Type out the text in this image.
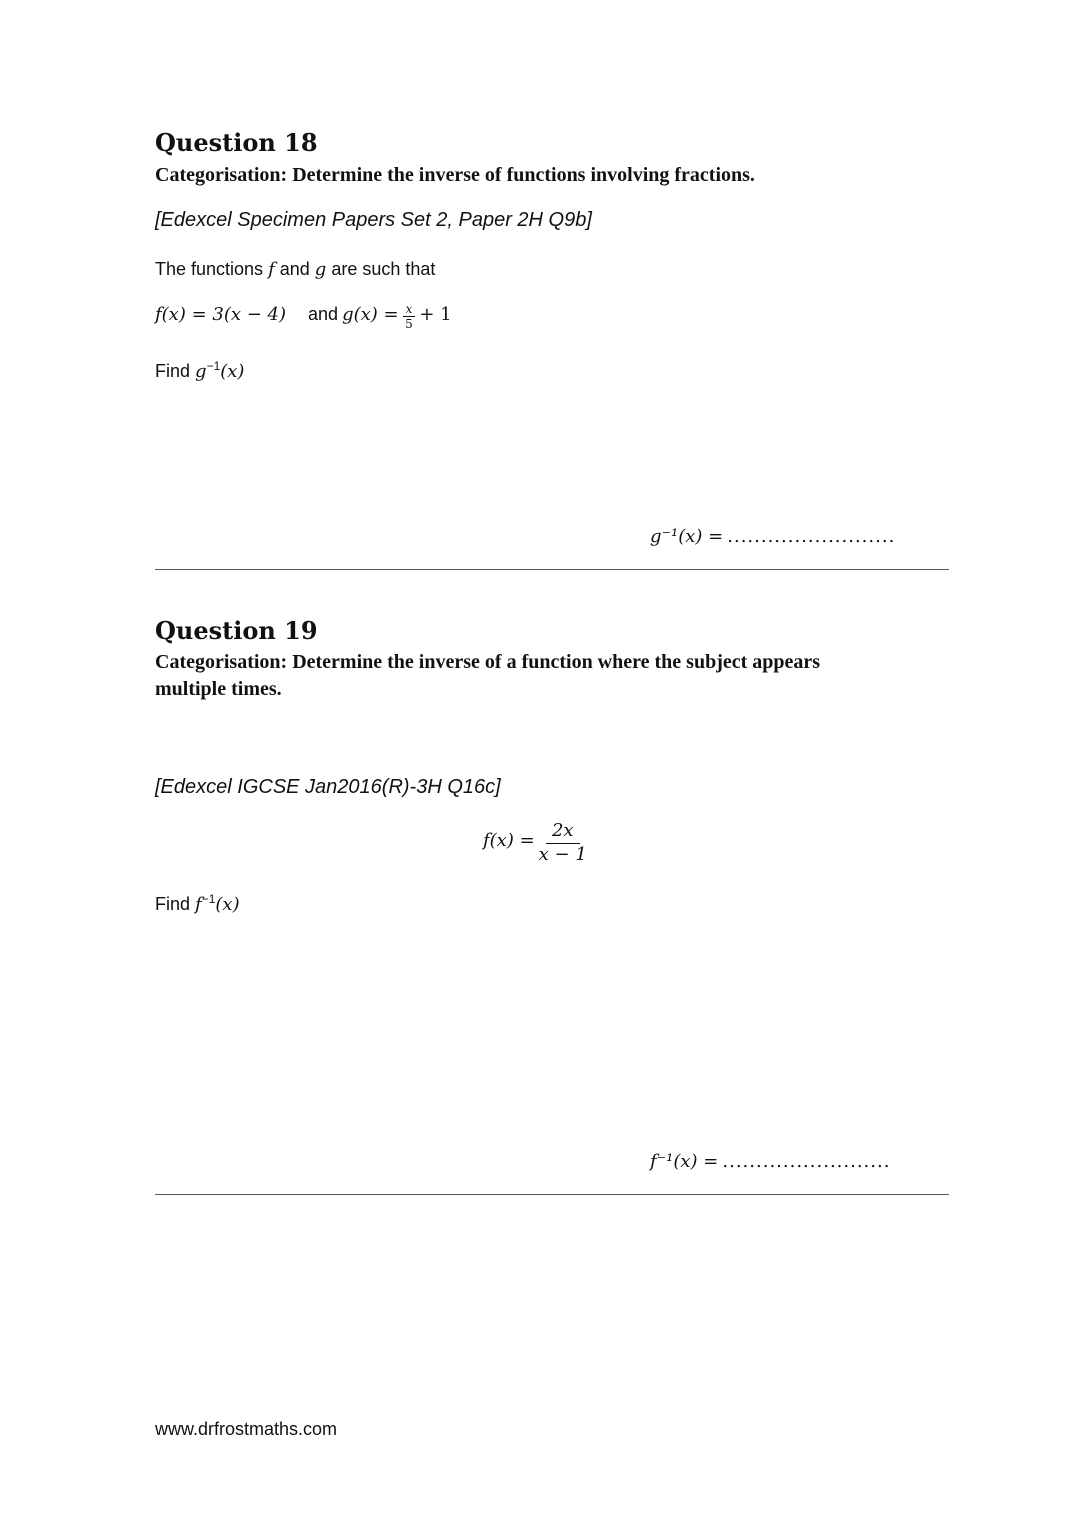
Question 18
Categorisation: Determine the inverse of functions involving fractions.
[Edexcel Specimen Papers Set 2, Paper 2H Q9b]
The functions f and g are such that
f(x) = 3(x − 4) and $g(x) = \frac{x}{5} + 1$
Find $g^{-1}(x)$
g⁻¹(x) = .........................
Question 19
Categorisation: Determine the inverse of a function where the subject appears multiple times.
[Edexcel IGCSE Jan2016(R)-3H Q16c]
$f(x) = \frac{2x}{x - 1}$
Find $f^{-1}(x)$
f⁻¹(x) = .........................
www.drfrostmaths.com
